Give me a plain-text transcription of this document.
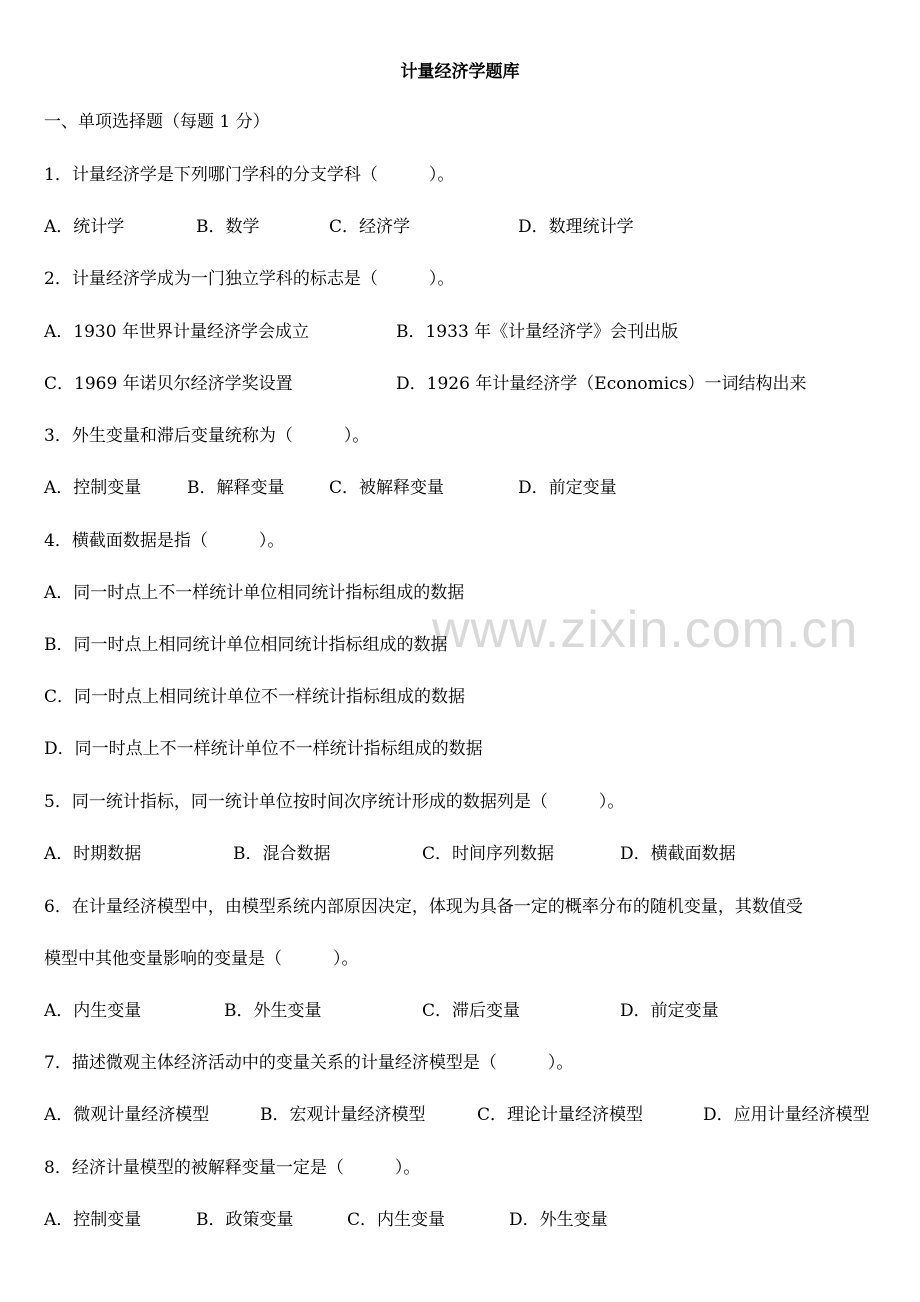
www.zixin.com.cn
计量经济学题库
一、单项选择题（每题 1 分）
1．计量经济学是下列哪门学科的分支学科（　　　）。
A．统计学	B．数学	C．经济学	D．数理统计学
2．计量经济学成为一门独立学科的标志是（　　　）。
A．1930 年世界计量经济学会成立	B．1933 年《计量经济学》会刊出版
C．1969 年诺贝尔经济学奖设置	D．1926 年计量经济学（Economics）一词结构出来
3．外生变量和滞后变量统称为（　　　）。
A．控制变量	B．解释变量	C．被解释变量	D．前定变量
4．横截面数据是指（　　　）。
A．同一时点上不一样统计单位相同统计指标组成的数据
B．同一时点上相同统计单位相同统计指标组成的数据
C．同一时点上相同统计单位不一样统计指标组成的数据
D．同一时点上不一样统计单位不一样统计指标组成的数据
5．同一统计指标，同一统计单位按时间次序统计形成的数据列是（　　　）。
A．时期数据	B．混合数据	C．时间序列数据	D．横截面数据
6．在计量经济模型中，由模型系统内部原因决定，体现为具备一定的概率分布的随机变量，其数值受
模型中其他变量影响的变量是（　　　）。
A．内生变量	B．外生变量	C．滞后变量	D．前定变量
7．描述微观主体经济活动中的变量关系的计量经济模型是（　　　）。
A．微观计量经济模型	B．宏观计量经济模型	C．理论计量经济模型	D．应用计量经济模型
8．经济计量模型的被解释变量一定是（　　　）。
A．控制变量	B．政策变量	C．内生变量	D．外生变量
